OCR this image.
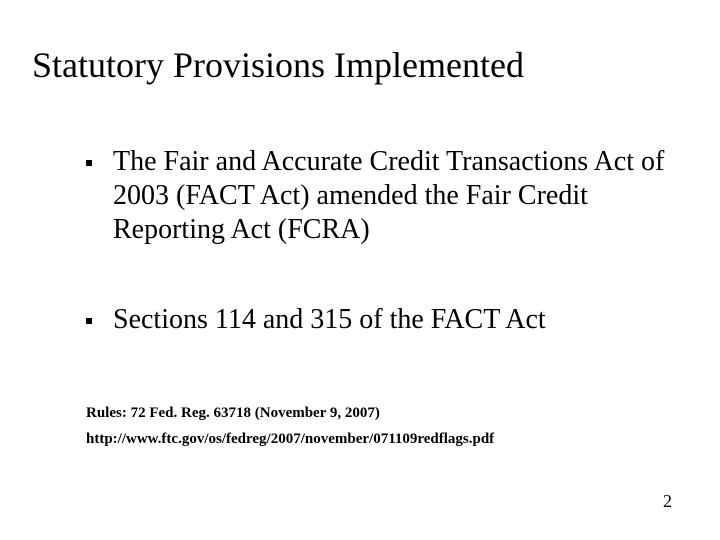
Statutory Provisions Implemented
The Fair and Accurate Credit Transactions Act of 2003 (FACT Act) amended the Fair Credit Reporting Act (FCRA)
Sections 114 and 315 of the FACT Act
Rules: 72 Fed. Reg. 63718 (November 9, 2007)
http://www.ftc.gov/os/fedreg/2007/november/071109redflags.pdf
2
